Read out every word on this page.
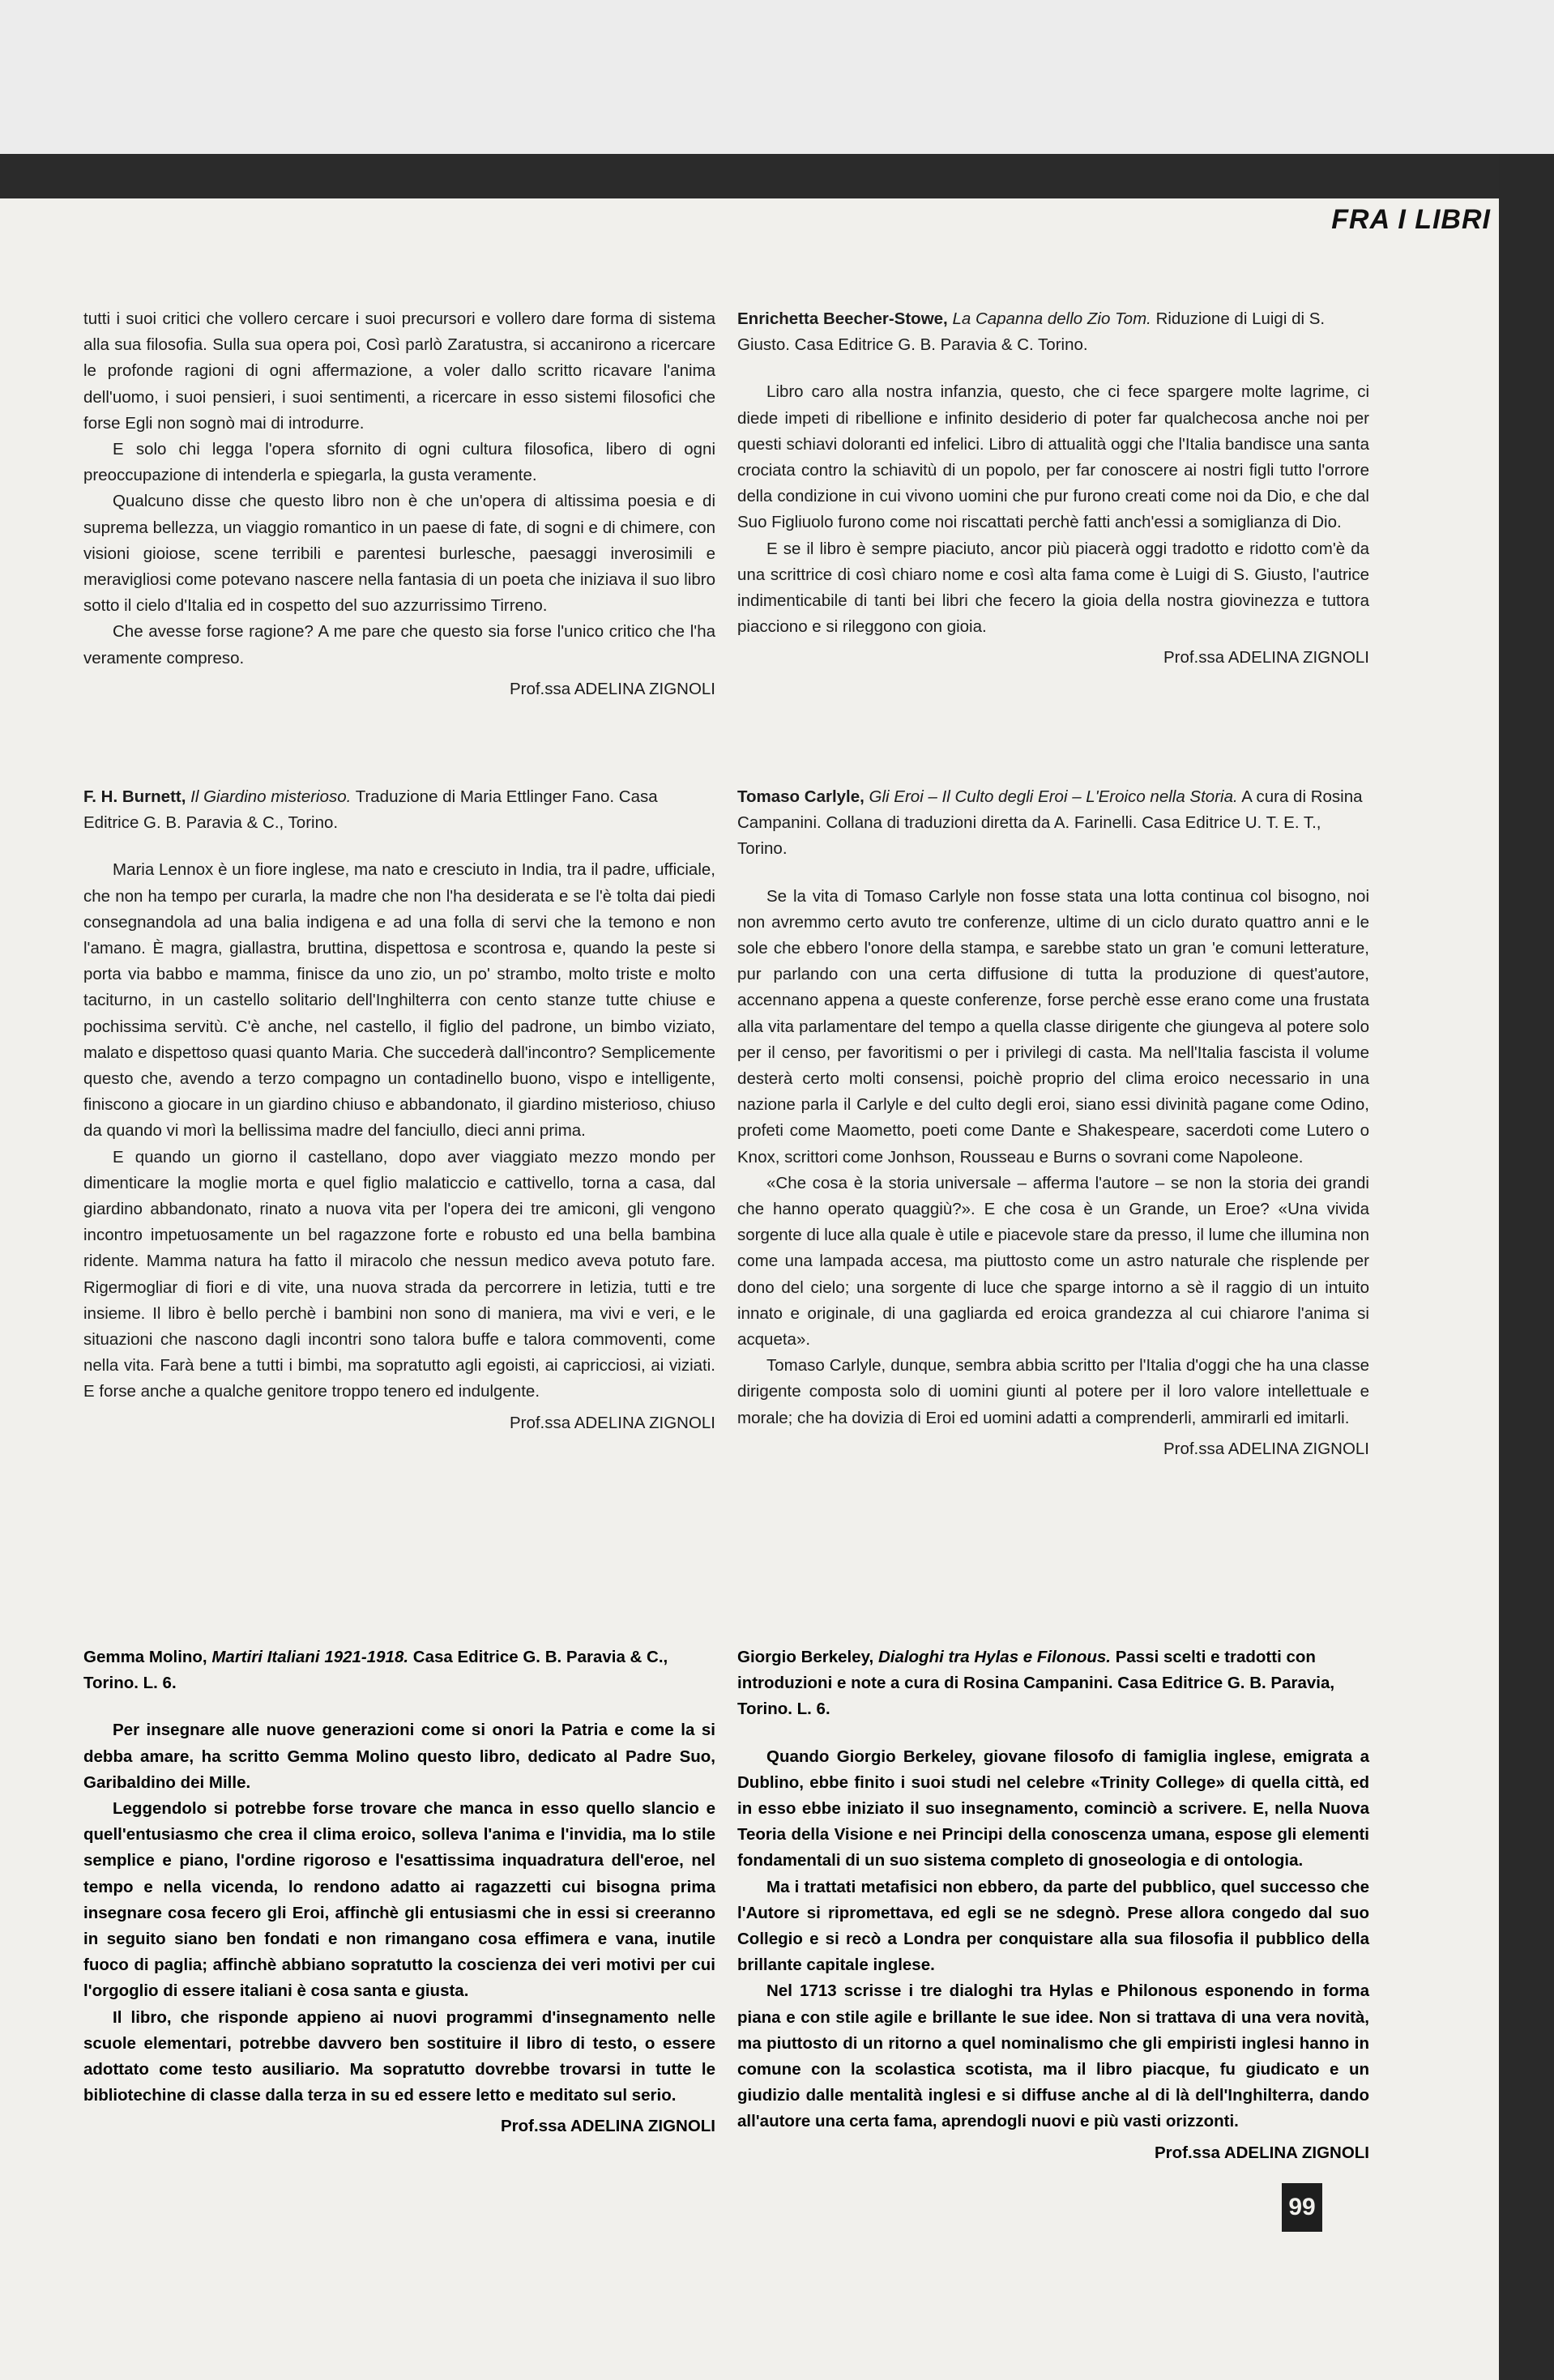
FRA I LIBRI

tutti i suoi critici che vollero cercare i suoi precursori e vollero dare forma di sistema alla sua filosofia. Sulla sua opera poi, Così parlò Zaratustra, si accanirono a ricercare le profonde ragioni di ogni affermazione, a voler dallo scritto ricavare l'anima dell'uomo, i suoi pensieri, i suoi sentimenti, a ricercare in esso sistemi filosofici che forse Egli non sognò mai di introdurre.

E solo chi legga l'opera sfornito di ogni cultura filosofica, libero di ogni preoccupazione di intenderla e spiegarla, la gusta veramente.

Qualcuno disse che questo libro non è che un'opera di altissima poesia e di suprema bellezza, un viaggio romantico in un paese di fate, di sogni e di chimere, con visioni gioiose, scene terribili e parentesi burlesche, paesaggi inverosimili e meravigliosi come potevano nascere nella fantasia di un poeta che iniziava il suo libro sotto il cielo d'Italia ed in cospetto del suo azzurrissimo Tirreno.

Che avesse forse ragione? A me pare che questo sia forse l'unico critico che l'ha veramente compreso.

Prof.ssa ADELINA ZIGNOLI
F. H. Burnett, Il Giardino misterioso. Traduzione di Maria Ettlinger Fano. Casa Editrice G. B. Paravia & C., Torino.

Maria Lennox è un fiore inglese, ma nato e cresciuto in India, tra il padre, ufficiale, che non ha tempo per curarla, la madre che non l'ha desiderata e se l'è tolta dai piedi consegnandola ad una balia indigena e ad una folla di servi che la temono e non l'amano. È magra, giallastra, bruttina, dispettosa e scontrosa e, quando la peste si porta via babbo e mamma, finisce da uno zio, un po' strambo, molto triste e molto taciturno, in un castello solitario dell'Inghilterra con cento stanze tutte chiuse e pochissima servitù. C'è anche, nel castello, il figlio del padrone, un bimbo viziato, malato e dispettoso quasi quanto Maria. Che succederà dall'incontro? Semplicemente questo che, avendo a terzo compagno un contadinello buono, vispo e intelligente, finiscono a giocare in un giardino chiuso e abbandonato, il giardino misterioso, chiuso da quando vi morì la bellissima madre del fanciullo, dieci anni prima.

E quando un giorno il castellano, dopo aver viaggiato mezzo mondo per dimenticare la moglie morta e quel figlio malaticcio e cattivello, torna a casa, dal giardino abbandonato, rinato a nuova vita per l'opera dei tre amiconi, gli vengono incontro impetuosamente un bel ragazzone forte e robusto ed una bella bambina ridente. Mamma natura ha fatto il miracolo che nessun medico aveva potuto fare. Rigermogliar di fiori e di vite, una nuova strada da percorrere in letizia, tutti e tre insieme. Il libro è bello perchè i bambini non sono di maniera, ma vivi e veri, e le situazioni che nascono dagli incontri sono talora buffe e talora commoventi, come nella vita. Farà bene a tutti i bimbi, ma sopratutto agli egoisti, ai capricciosi, ai viziati. E forse anche a qualche genitore troppo tenero ed indulgente.

Prof.ssa ADELINA ZIGNOLI
Gemma Molino, Martiri Italiani 1921-1918. Casa Editrice G. B. Paravia & C., Torino. L. 6.

Per insegnare alle nuove generazioni come si onori la Patria e come la si debba amare, ha scritto Gemma Molino questo libro, dedicato al Padre Suo, Garibaldino dei Mille.

Leggendolo si potrebbe forse trovare che manca in esso quello slancio e quell'entusiasmo che crea il clima eroico, solleva l'anima e l'invidia, ma lo stile semplice e piano, l'ordine rigoroso e l'esattissima inquadratura dell'eroe, nel tempo e nella vicenda, lo rendono adatto ai ragazzetti cui bisogna prima insegnare cosa fecero gli Eroi, affinchè gli entusiasmi che in essi si creeranno in seguito siano ben fondati e non rimangano cosa effimera e vana, inutile fuoco di paglia; affinchè abbiano sopratutto la coscienza dei veri motivi per cui l'orgoglio di essere italiani è cosa santa e giusta.

Il libro, che risponde appieno ai nuovi programmi d'insegnamento nelle scuole elementari, potrebbe davvero ben sostituire il libro di testo, o essere adottato come testo ausiliario. Ma sopratutto dovrebbe trovarsi in tutte le bibliotechine di classe dalla terza in su ed essere letto e meditato sul serio.

Prof.ssa ADELINA ZIGNOLI
Enrichetta Beecher-Stowe, La Capanna dello Zio Tom. Riduzione di Luigi di S. Giusto. Casa Editrice G. B. Paravia & C. Torino.

Libro caro alla nostra infanzia, questo, che ci fece spargere molte lagrime, ci diede impeti di ribellione e infinito desiderio di poter far qualchecosa anche noi per questi schiavi doloranti ed infelici. Libro di attualità oggi che l'Italia bandisce una santa crociata contro la schiavitù di un popolo, per far conoscere ai nostri figli tutto l'orrore della condizione in cui vivono uomini che pur furono creati come noi da Dio, e che dal Suo Figliuolo furono come noi riscattati perchè fatti anch'essi a somiglianza di Dio.

E se il libro è sempre piaciuto, ancor più piacerà oggi tradotto e ridotto com'è da una scrittrice di così chiaro nome e così alta fama come è Luigi di S. Giusto, l'autrice indimenticabile di tanti bei libri che fecero la gioia della nostra giovinezza e tuttora piacciono e si rileggono con gioia.

Prof.ssa ADELINA ZIGNOLI
Tomaso Carlyle, Gli Eroi – Il Culto degli Eroi – L'Eroico nella Storia. A cura di Rosina Campanini. Collana di traduzioni diretta da A. Farinelli. Casa Editrice U. T. E. T., Torino.

Se la vita di Tomaso Carlyle non fosse stata una lotta continua col bisogno, noi non avremmo certo avuto tre conferenze, ultime di un ciclo durato quattro anni e le sole che ebbero l'onore della stampa, e sarebbe stato un gran 'e comuni letterature, pur parlando con una certa diffusione di tutta la produzione di quest'autore, accennano appena a queste conferenze, forse perchè esse erano come una frustata alla vita parlamentare del tempo a quella classe dirigente che giungeva al potere solo per il censo, per favoritismi o per i privilegi di casta. Ma nell'Italia fascista il volume desterà certo molti consensi, poichè proprio del clima eroico necessario in una nazione parla il Carlyle e del culto degli eroi, siano essi divinità pagane come Odino, profeti come Maometto, poeti come Dante e Shakespeare, sacerdoti come Lutero o Knox, scrittori come Jonhson, Rousseau e Burns o sovrani come Napoleone.

«Che cosa è la storia universale – afferma l'autore – se non la storia dei grandi che hanno operato quaggiù?». E che cosa è un Grande, un Eroe? «Una vivida sorgente di luce alla quale è utile e piacevole stare da presso, il lume che illumina non come una lampada accesa, ma piuttosto come un astro naturale che risplende per dono del cielo; una sorgente di luce che sparge intorno a sè il raggio di un intuito innato e originale, di una gagliarda ed eroica grandezza al cui chiarore l'anima si acqueta».

Tomaso Carlyle, dunque, sembra abbia scritto per l'Italia d'oggi che ha una classe dirigente composta solo di uomini giunti al potere per il loro valore intellettuale e morale; che ha dovizia di Eroi ed uomini adatti a comprenderli, ammirarli ed imitarli.

Prof.ssa ADELINA ZIGNOLI
Giorgio Berkeley, Dialoghi tra Hylas e Filonous. Passi scelti e tradotti con introduzioni e note a cura di Rosina Campanini. Casa Editrice G. B. Paravia, Torino. L. 6.

Quando Giorgio Berkeley, giovane filosofo di famiglia inglese, emigrata a Dublino, ebbe finito i suoi studi nel celebre «Trinity College» di quella città, ed in esso ebbe iniziato il suo insegnamento, cominciò a scrivere. E, nella Nuova Teoria della Visione e nei Principi della conoscenza umana, espose gli elementi fondamentali di un suo sistema completo di gnoseologia e di ontologia.

Ma i trattati metafisici non ebbero, da parte del pubblico, quel successo che l'Autore si ripromettava, ed egli se ne sdegnò. Prese allora congedo dal suo Collegio e si recò a Londra per conquistare alla sua filosofia il pubblico della brillante capitale inglese.

Nel 1713 scrisse i tre dialoghi tra Hylas e Philonous esponendo in forma piana e con stile agile e brillante le sue idee. Non si trattava di una vera novità, ma piuttosto di un ritorno a quel nominalismo che gli empiristi inglesi hanno in comune con la scolastica scotista, ma il libro piacque, fu giudicato e un giudizio dalle mentalità inglesi e si diffuse anche al di là dell'Inghilterra, dando all'autore una certa fama, aprendogli nuovi e più vasti orizzonti.

Prof.ssa ADELINA ZIGNOLI
99
